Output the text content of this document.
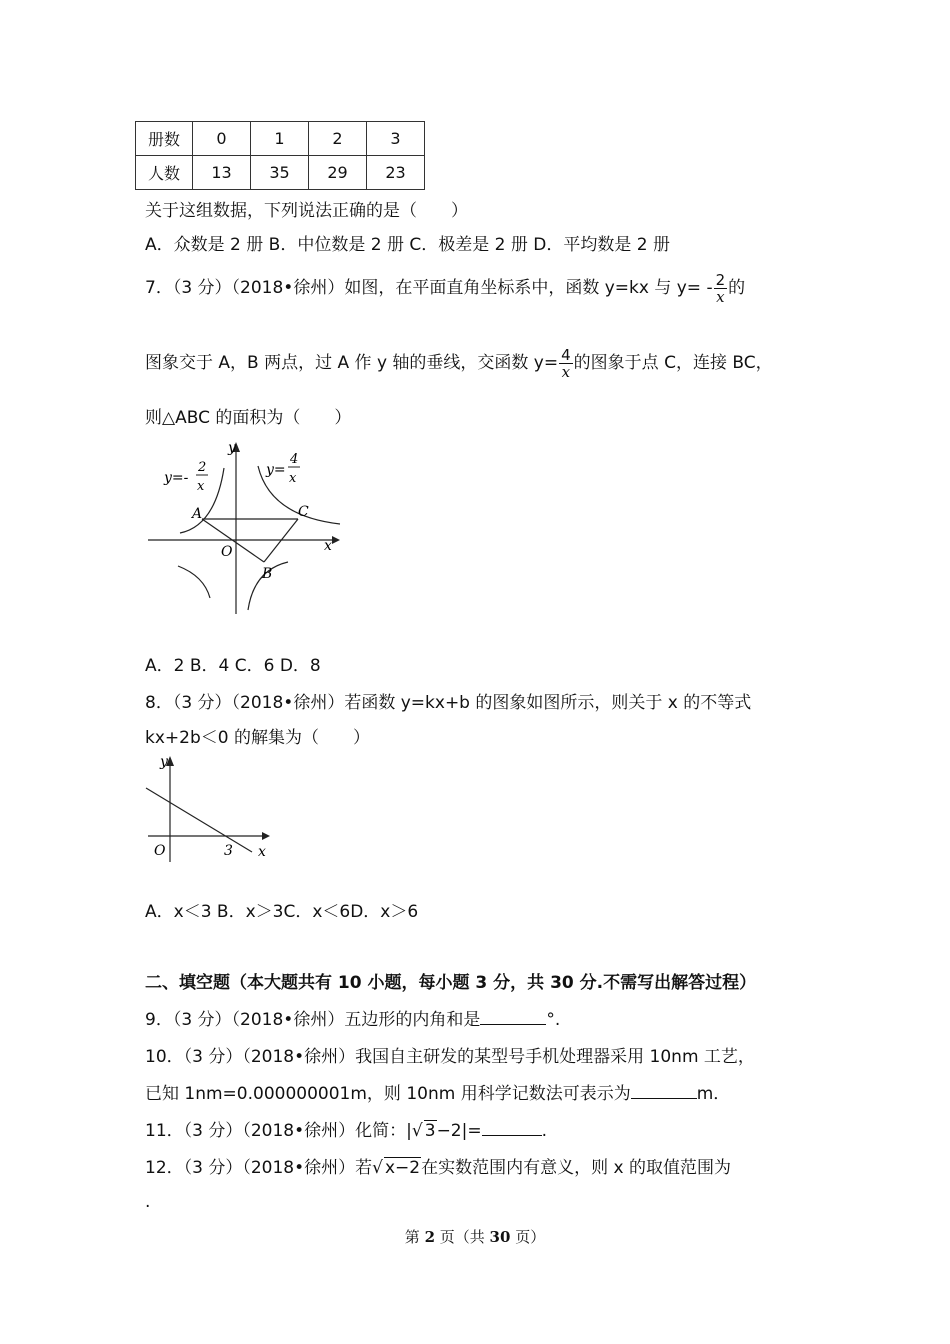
册数	0	1	2	3
人数	13	35	29	23
关于这组数据，下列说法正确的是（　　）
A．众数是 2 册 B．中位数是 2 册 C．极差是 2 册 D．平均数是 2 册
7．（3 分）（2018•徐州）如图，在平面直角坐标系中，函数 y=kx 与 $y= - \frac{2}{x}$ 的
图象交于 A，B 两点，过 A 作 y 轴的垂线，交函数 $y= \frac{4}{x}$ 的图象于点 C，连接 BC，
则△ABC 的面积为（　　）
y=-
2
x
y=
4
x
y
x
O
A
B
C
A．2 B．4 C．6 D．8
8．（3 分）（2018•徐州）若函数 y=kx+b 的图象如图所示，则关于 x 的不等式
kx+2b＜0 的解集为（　　）
y
x
O	3
A．x＜3 B．x＞3C．x＜6D．x＞6
二、填空题（本大题共有 10 小题，每小题 3 分，共 30 分.不需写出解答过程）
9．（3 分）（2018•徐州）五边形的内角和是	°.
10．（3 分）（2018•徐州）我国自主研发的某型号手机处理器采用 10nm 工艺，
已知 1nm=0.000000001m，则 10nm 用科学记数法可表示为	m．
11．（3 分）（2018•徐州）化简：|√ 3−2|=	.
12．（3 分）（2018•徐州）若√ x−2在实数范围内有意义，则 x 的取值范围为
.
第 2 页（共 30 页）
